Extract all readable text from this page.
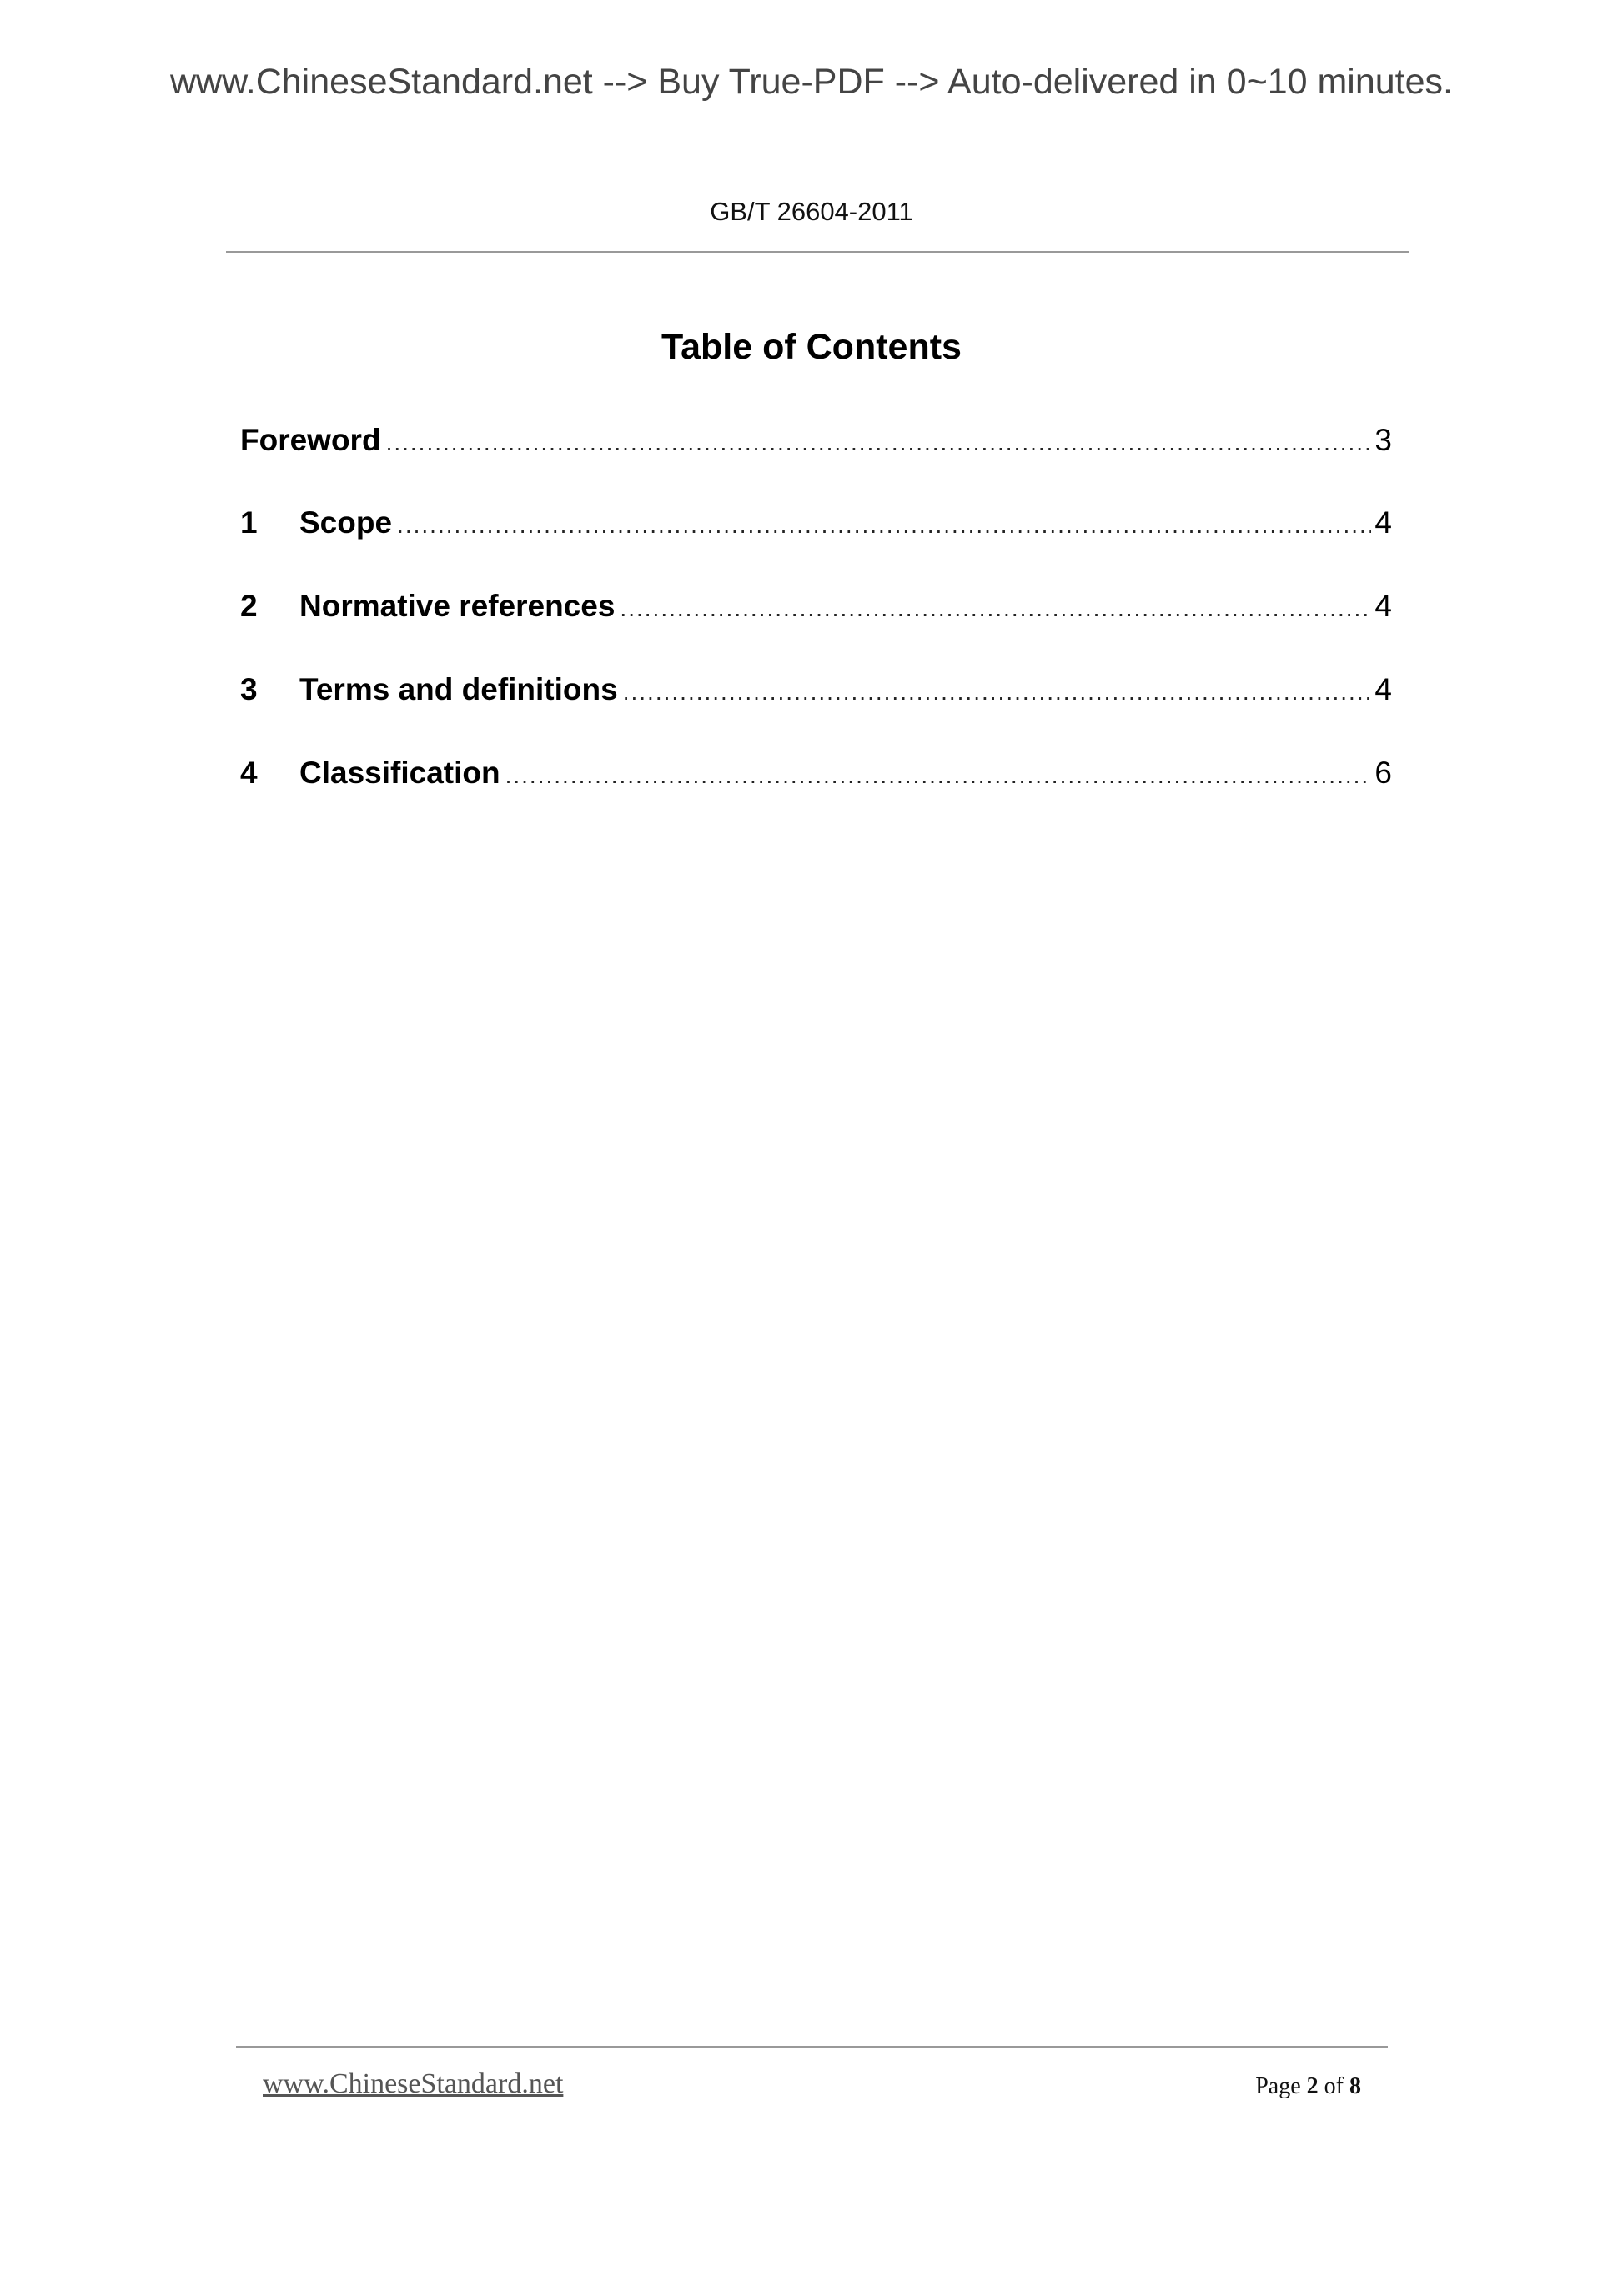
www.ChineseStandard.net --> Buy True-PDF --> Auto-delivered in 0~10 minutes.
GB/T 26604-2011
Table of Contents
Foreword .....	3
1	Scope .....	4
2	Normative references .....	4
3	Terms and definitions .....	4
4	Classification .....	6
www.ChineseStandard.net	Page 2 of 8
